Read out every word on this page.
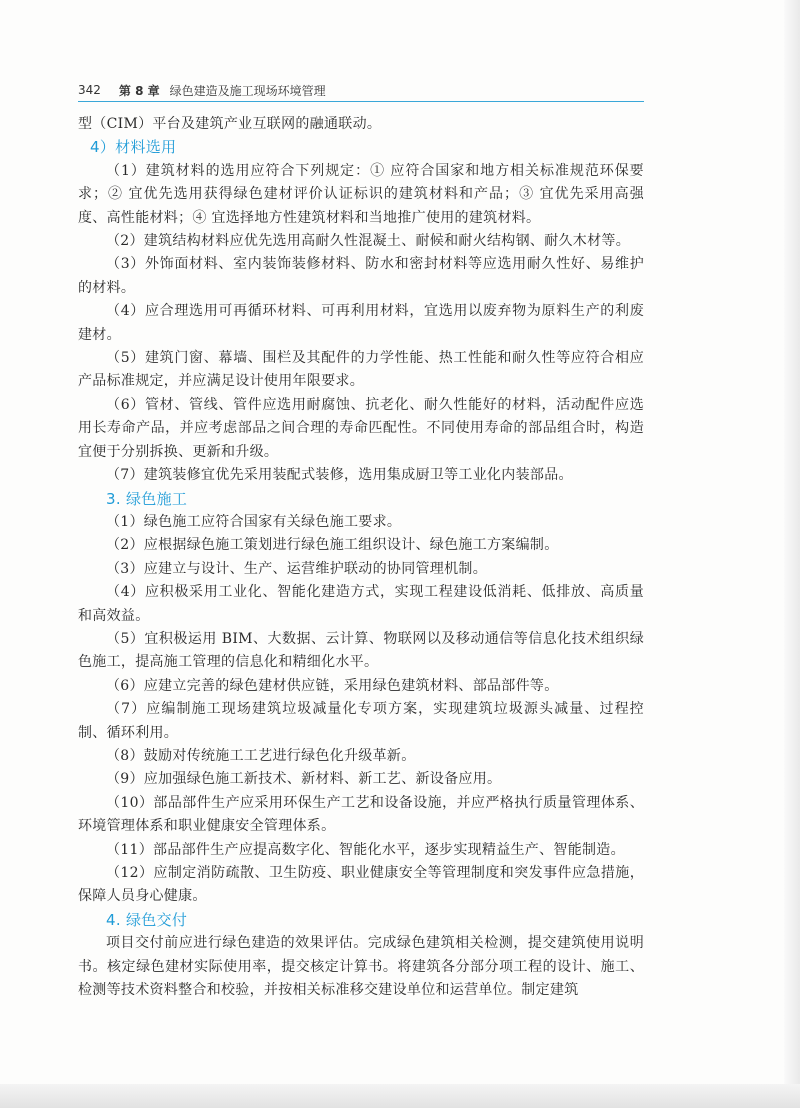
342 第 8 章 绿色建造及施工现场环境管理

型（CIM）平台及建筑产业互联网的融通联动。

4）材料选用

（1）建筑材料的选用应符合下列规定：① 应符合国家和地方相关标准规范环保要求；② 宜优先选用获得绿色建材评价认证标识的建筑材料和产品；③ 宜优先采用高强度、高性能材料；④ 宜选择地方性建筑材料和当地推广使用的建筑材料。

（2）建筑结构材料应优先选用高耐久性混凝土、耐候和耐火结构钢、耐久木材等。

（3）外饰面材料、室内装饰装修材料、防水和密封材料等应选用耐久性好、易维护的材料。

（4）应合理选用可再循环材料、可再利用材料，宜选用以废弃物为原料生产的利废建材。

（5）建筑门窗、幕墙、围栏及其配件的力学性能、热工性能和耐久性等应符合相应产品标准规定，并应满足设计使用年限要求。

（6）管材、管线、管件应选用耐腐蚀、抗老化、耐久性能好的材料，活动配件应选用长寿命产品，并应考虑部品之间合理的寿命匹配性。不同使用寿命的部品组合时，构造宜便于分别拆换、更新和升级。

（7）建筑装修宜优先采用装配式装修，选用集成厨卫等工业化内装部品。

3. 绿色施工

（1）绿色施工应符合国家有关绿色施工要求。

（2）应根据绿色施工策划进行绿色施工组织设计、绿色施工方案编制。

（3）应建立与设计、生产、运营维护联动的协同管理机制。

（4）应积极采用工业化、智能化建造方式，实现工程建设低消耗、低排放、高质量和高效益。

（5）宜积极运用 BIM、大数据、云计算、物联网以及移动通信等信息化技术组织绿色施工，提高施工管理的信息化和精细化水平。

（6）应建立完善的绿色建材供应链，采用绿色建筑材料、部品部件等。

（7）应编制施工现场建筑垃圾减量化专项方案，实现建筑垃圾源头减量、过程控制、循环利用。

（8）鼓励对传统施工工艺进行绿色化升级革新。

（9）应加强绿色施工新技术、新材料、新工艺、新设备应用。

（10）部品部件生产应采用环保生产工艺和设备设施，并应严格执行质量管理体系、环境管理体系和职业健康安全管理体系。

（11）部品部件生产应提高数字化、智能化水平，逐步实现精益生产、智能制造。

（12）应制定消防疏散、卫生防疫、职业健康安全等管理制度和突发事件应急措施，保障人员身心健康。

4. 绿色交付

项目交付前应进行绿色建造的效果评估。完成绿色建筑相关检测，提交建筑使用说明书。核定绿色建材实际使用率，提交核定计算书。将建筑各分部分项工程的设计、施工、检测等技术资料整合和校验，并按相关标准移交建设单位和运营单位。制定建筑
